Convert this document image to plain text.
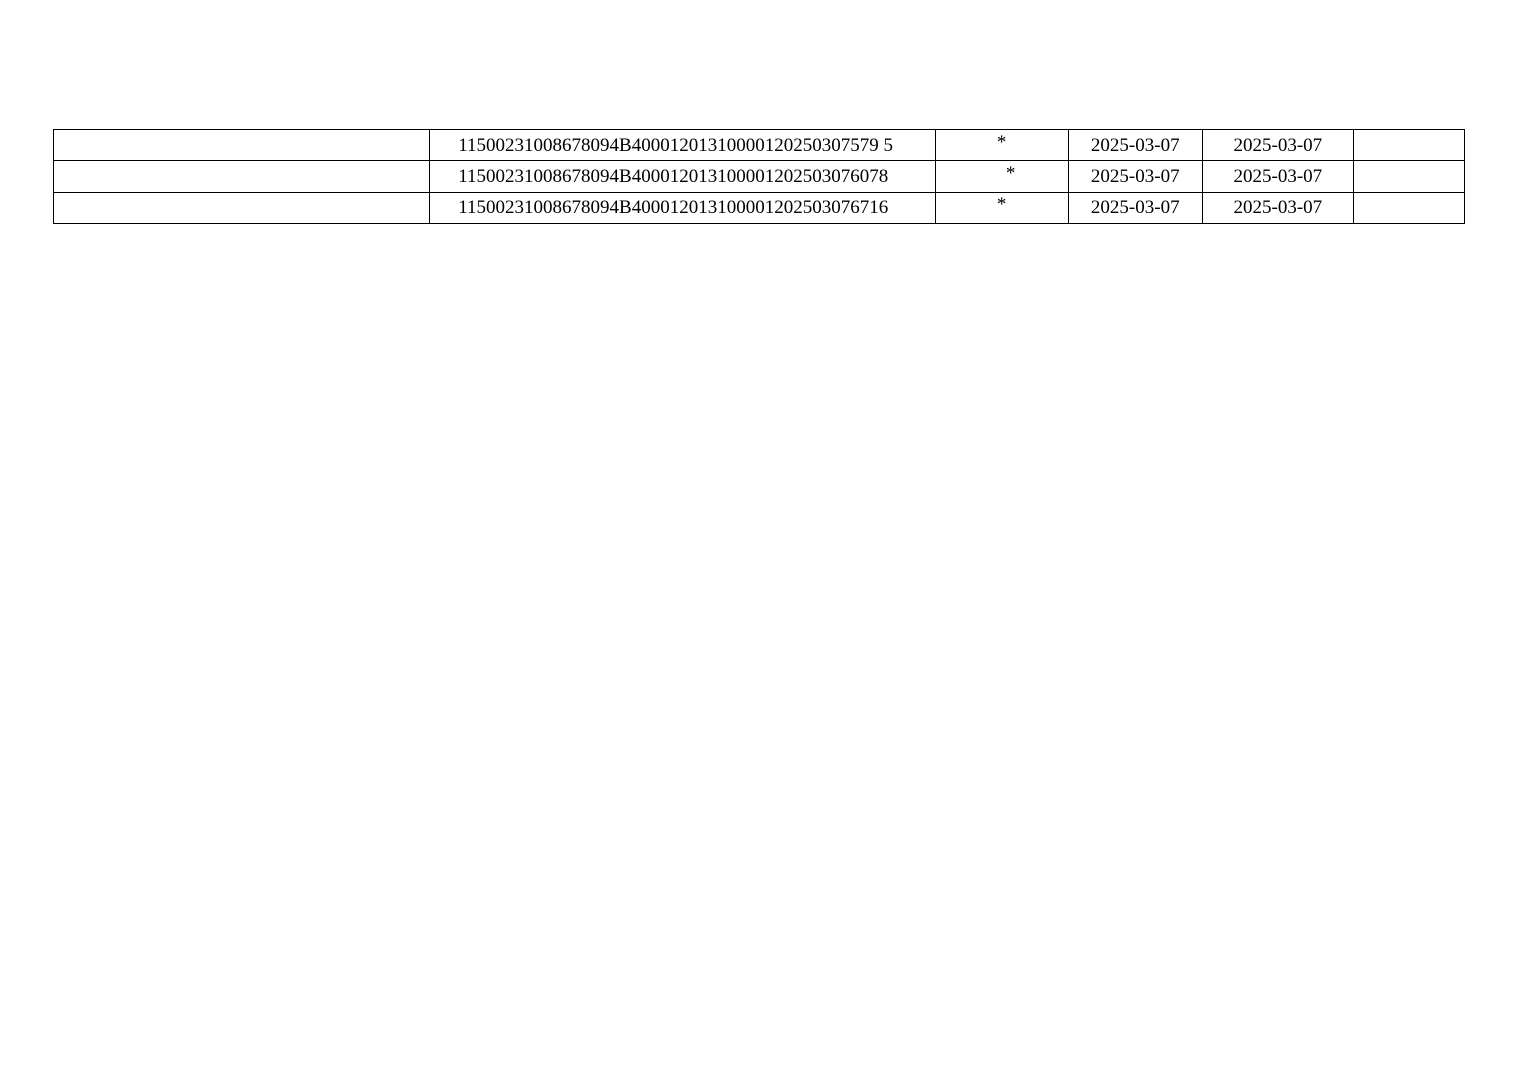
	11500231008678094B40001201310000120250307579 5	*	2025-03-07	2025-03-07	
	115002310086780​94B400012013100001202503076078	*	2025-03-07	2025-03-07	
	115002310086780​94B400012013100001202503076716	*	2025-03-07	2025-03-07	
